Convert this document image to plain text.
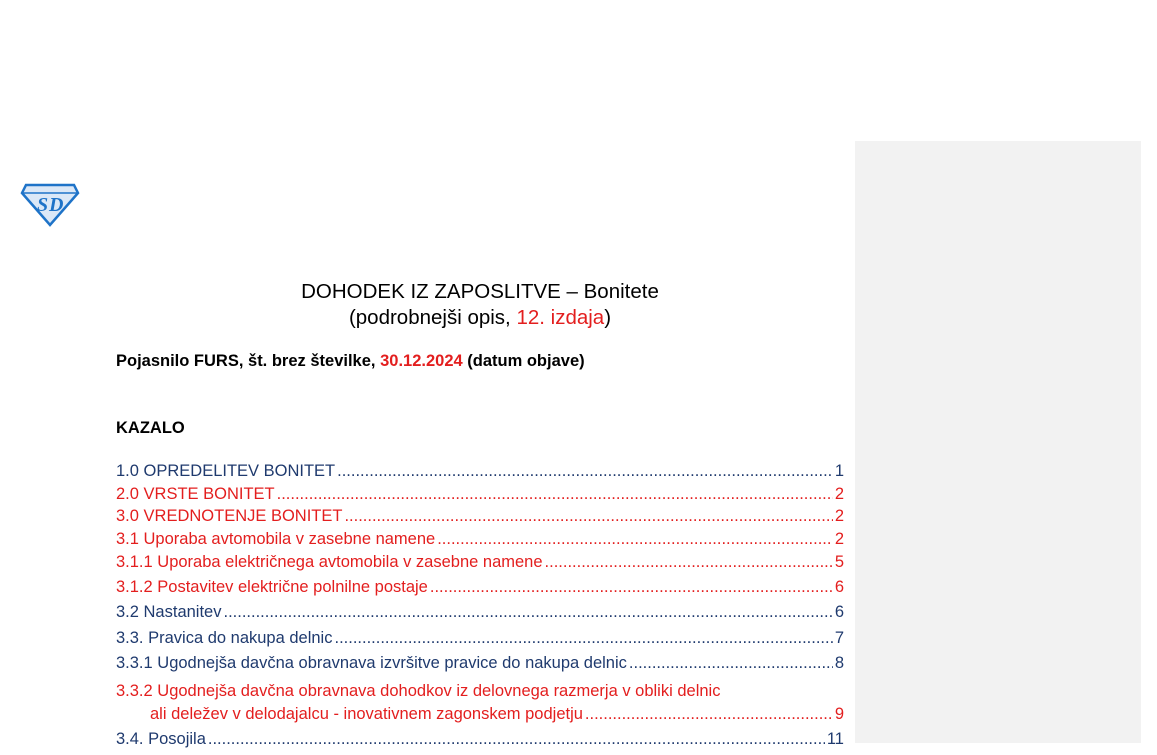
S D
DOHODEK IZ ZAPOSLITVE – Bonitete
(podrobnejši opis, 12. izdaja)
Pojasnilo FURS, št. brez številke, 30.12.2024 (datum objave)
KAZALO
1.0 OPREDELITEV BONITET .....	1
2.0 VRSTE BONITET .....	2
3.0 VREDNOTENJE BONITET .....	2
3.1 Uporaba avtomobila v zasebne namene .....	2
3.1.1 Uporaba električnega avtomobila v zasebne namene .....	5
3.1.2 Postavitev električne polnilne postaje .....	6
3.2 Nastanitev .....	6
3.3. Pravica do nakupa delnic .....	7
3.3.1 Ugodnejša davčna obravnava izvršitve pravice do nakupa delnic .....	8
3.3.2 Ugodnejša davčna obravnava dohodkov iz delovnega razmerja v obliki delnic
ali deležev v delodajalcu - inovativnem zagonskem podjetju .....	9
3.4. Posojila .....	11
